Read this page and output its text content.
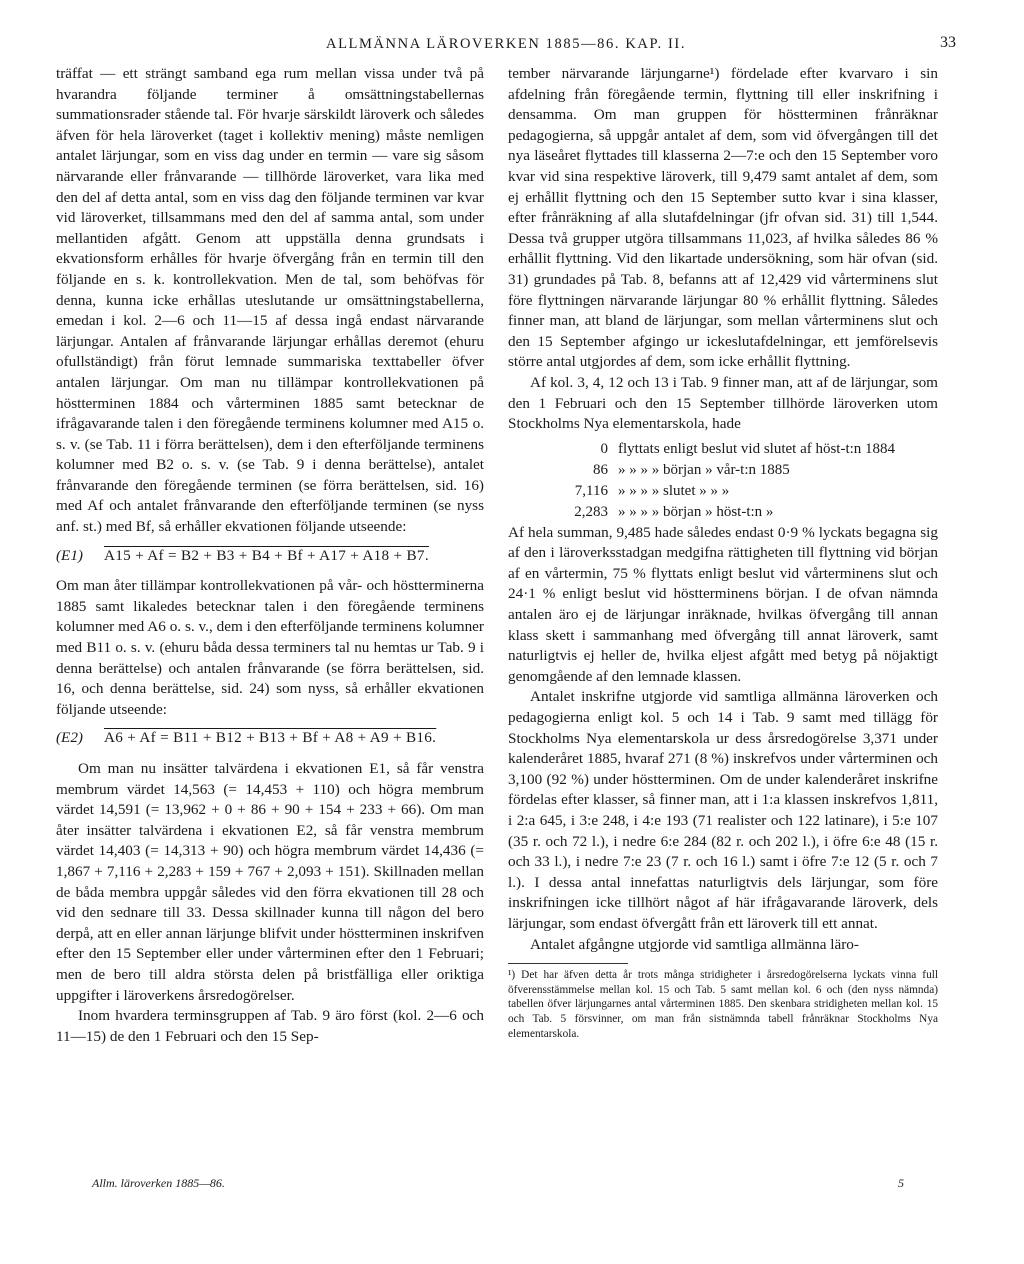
ALLMÄNNA LÄROVERKEN 1885—86. KAP. II.	33

träffat — ett strängt samband ega rum mellan vissa under två på hvarandra följande terminer å omsättningstabellernas summationsrader stående tal. För hvarje särskildt läroverk och således äfven för hela läroverket (taget i kollektiv mening) måste nemligen antalet lärjungar, som en viss dag under en termin — vare sig såsom närvarande eller frånvarande — tillhörde läroverket, vara lika med den del af detta antal, som en viss dag den följande terminen var kvar vid läroverket, tillsammans med den del af samma antal, som under mellantiden afgått. Genom att uppställa denna grundsats i ekvationsform erhålles för hvarje öfvergång från en termin till den följande en s. k. kontrollekvation. Men de tal, som behöfvas för denna, kunna icke erhållas uteslutande ur omsättningstabellerna, emedan i kol. 2—6 och 11—15 af dessa ingå endast närvarande lärjungar. Antalen af frånvarande lärjungar erhållas deremot (ehuru ofullständigt) från förut lemnade summariska texttabeller öfver antalen lärjungar. Om man nu tillämpar kontrollekvationen på höstterminen 1884 och vårterminen 1885 samt betecknar de ifrågavarande talen i den föregående terminens kolumner med A15 o. s. v. (se Tab. 11 i förra berättelsen), dem i den efterföljande terminens kolumner med B2 o. s. v. (se Tab. 9 i denna berättelse), antalet frånvarande den föregående terminen (se förra berättelsen, sid. 16) med Af och antalet frånvarande den efterföljande terminen (se nyss anf. st.) med Bf, så erhåller ekvationen följande utseende:

(E1)	A15 + Af = B2 + B3 + B4 + Bf + A17 + A18 + B7.

Om man åter tillämpar kontrollekvationen på vår- och höstterminerna 1885 samt likaledes betecknar talen i den föregående terminens kolumner med A6 o. s. v., dem i den efterföljande terminens kolumner med B11 o. s. v. (ehuru båda dessa terminers tal nu hemtas ur Tab. 9 i denna berättelse) och antalen frånvarande (se förra berättelsen, sid. 16, och denna berättelse, sid. 24) som nyss, så erhåller ekvationen följande utseende:

(E2)	A6 + Af = B11 + B12 + B13 + Bf + A8 + A9 + B16.

Om man nu insätter talvärdena i ekvationen E1, så får venstra membrum värdet 14,563 (= 14,453 + 110) och högra membrum värdet 14,591 (= 13,962 + 0 + 86 + 90 + 154 + 233 + 66). Om man åter insätter talvärdena i ekvationen E2, så får venstra membrum värdet 14,403 (= 14,313 + 90) och högra membrum värdet 14,436 (= 1,867 + 7,116 + 2,283 + 159 + 767 + 2,093 + 151). Skillnaden mellan de båda membra uppgår således vid den förra ekvationen till 28 och vid den sednare till 33. Dessa skillnader kunna till någon del bero derpå, att en eller annan lärjunge blifvit under höstterminen inskrifven efter den 15 September eller under vårterminen efter den 1 Februari; men de bero till aldra största delen på bristfälliga eller oriktiga uppgifter i läroverkens årsredogörelser.

Inom hvardera terminsgruppen af Tab. 9 äro först (kol. 2—6 och 11—15) de den 1 Februari och den 15 Sep-

tember närvarande lärjungarne¹) fördelade efter kvarvaro i sin afdelning från föregående termin, flyttning till eller inskrifning i densamma. Om man gruppen för höstterminen frånräknar pedagogierna, så uppgår antalet af dem, som vid öfvergången till det nya läseåret flyttades till klasserna 2—7:e och den 15 September voro kvar vid sina respektive läroverk, till 9,479 samt antalet af dem, som ej erhållit flyttning och den 15 September sutto kvar i sina klasser, efter frånräkning af alla slutafdelningar (jfr ofvan sid. 31) till 1,544. Dessa två grupper utgöra tillsammans 11,023, af hvilka således 86 % erhållit flyttning. Vid den likartade undersökning, som här ofvan (sid. 31) grundades på Tab. 8, befanns att af 12,429 vid vårterminens slut före flyttningen närvarande lärjungar 80 % erhållit flyttning. Således finner man, att bland de lärjungar, som mellan vårterminens slut och den 15 September afgingo ur ickeslutafdelningar, ett jemförelsevis större antal utgjordes af dem, som icke erhållit flyttning.

Af kol. 3, 4, 12 och 13 i Tab. 9 finner man, att af de lärjungar, som den 1 Februari och den 15 September tillhörde läroverken utom Stockholms Nya elementarskola, hade

0 flyttats enligt beslut vid slutet af höst-t:n 1884
86 » » » » början » vår-t:n 1885
7,116 » » » » slutet » » »
2,283 » » » » början » höst-t:n »

Af hela summan, 9,485 hade således endast 0·9 % lyckats begagna sig af den i läroverksstadgan medgifna rättigheten till flyttning vid början af en vårtermin, 75 % flyttats enligt beslut vid vårterminens slut och 24·1 % enligt beslut vid höstterminens början. I de ofvan nämnda antalen äro ej de lärjungar inräknade, hvilkas öfvergång till annan klass skett i sammanhang med öfvergång till annat läroverk, samt naturligtvis ej heller de, hvilka eljest afgått med betyg på nöjaktigt genomgående af den lemnade klassen.

Antalet inskrifne utgjorde vid samtliga allmänna läroverken och pedagogierna enligt kol. 5 och 14 i Tab. 9 samt med tillägg för Stockholms Nya elementarskola ur dess årsredogörelse 3,371 under kalenderåret 1885, hvaraf 271 (8 %) inskrefvos under vårterminen och 3,100 (92 %) under höstterminen. Om de under kalenderåret inskrifne fördelas efter klasser, så finner man, att i 1:a klassen inskrefvos 1,811, i 2:a 645, i 3:e 248, i 4:e 193 (71 realister och 122 latinare), i 5:e 107 (35 r. och 72 l.), i nedre 6:e 284 (82 r. och 202 l.), i öfre 6:e 48 (15 r. och 33 l.), i nedre 7:e 23 (7 r. och 16 l.) samt i öfre 7:e 12 (5 r. och 7 l.). I dessa antal innefattas naturligtvis dels lärjungar, som före inskrifningen icke tillhört något af här ifrågavarande läroverk, dels lärjungar, som endast öfvergått från ett läroverk till ett annat.

Antalet afgångne utgjorde vid samtliga allmänna läro-

¹) Det har äfven detta år trots många stridigheter i årsredogörelserna lyckats vinna full öfverensstämmelse mellan kol. 15 och Tab. 5 samt mellan kol. 6 och (den nyss nämnda) tabellen öfver lärjungarnes antal vårterminen 1885. Den skenbara stridigheten mellan kol. 15 och Tab. 5 försvinner, om man från sistnämnda tabell frånräknar Stockholms Nya elementarskola.

Allm. läroverken 1885—86.	5
